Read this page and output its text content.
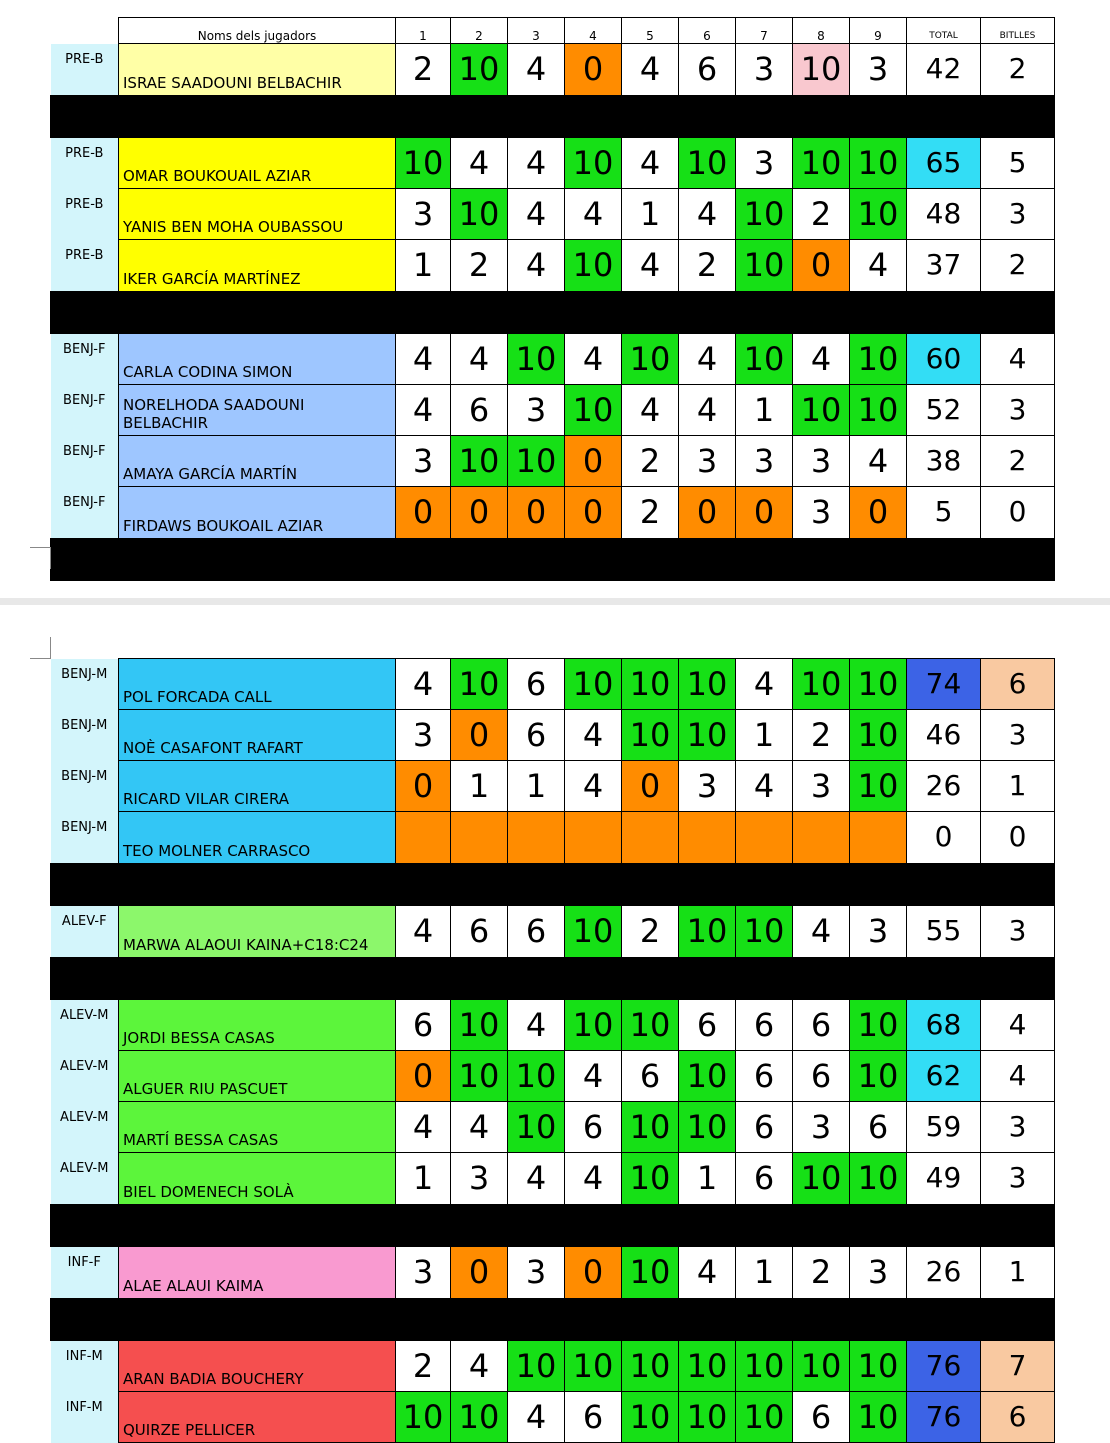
	Noms dels jugadors	1	2	3	4	5	6	7	8	9	TOTAL	BITLLES
PRE-B	ISRAE SAADOUNI BELBACHIR	2	10	4	0	4	6	3	10	3	42	2

PRE-B	OMAR BOUKOUAIL AZIAR	10	4	4	10	4	10	3	10	10	65	5
PRE-B	YANIS BEN MOHA OUBASSOU	3	10	4	4	1	4	10	2	10	48	3
PRE-B	IKER GARCÍA MARTÍNEZ	1	2	4	10	4	2	10	0	4	37	2

BENJ-F	CARLA CODINA SIMON	4	4	10	4	10	4	10	4	10	60	4
BENJ-F	NORELHODA SAADOUNI BELBACHIR	4	6	3	10	4	4	1	10	10	52	3
BENJ-F	AMAYA GARCÍA MARTÍN	3	10	10	0	2	3	3	3	4	38	2
BENJ-F	FIRDAWS BOUKOAIL AZIAR	0	0	0	0	2	0	0	3	0	5	0

BENJ-M	POL FORCADA CALL	4	10	6	10	10	10	4	10	10	74	6
BENJ-M	NOÈ CASAFONT RAFART	3	0	6	4	10	10	1	2	10	46	3
BENJ-M	RICARD VILAR CIRERA	0	1	1	4	0	3	4	3	10	26	1
BENJ-M	TEO MOLNER CARRASCO										0	0

ALEV-F	MARWA ALAOUI KAINA+C18:C24	4	6	6	10	2	10	10	4	3	55	3

ALEV-M	JORDI BESSA CASAS	6	10	4	10	10	6	6	6	10	68	4
ALEV-M	ALGUER RIU PASCUET	0	10	10	4	6	10	6	6	10	62	4
ALEV-M	MARTÍ BESSA CASAS	4	4	10	6	10	10	6	3	6	59	3
ALEV-M	BIEL DOMENECH SOLÀ	1	3	4	4	10	1	6	10	10	49	3

INF-F	ALAE ALAUI KAIMA	3	0	3	0	10	4	1	2	3	26	1

INF-M	ARAN BADIA BOUCHERY	2	4	10	10	10	10	10	10	10	76	7
INF-M	QUIRZE PELLICER	10	10	4	6	10	10	10	6	10	76	6
